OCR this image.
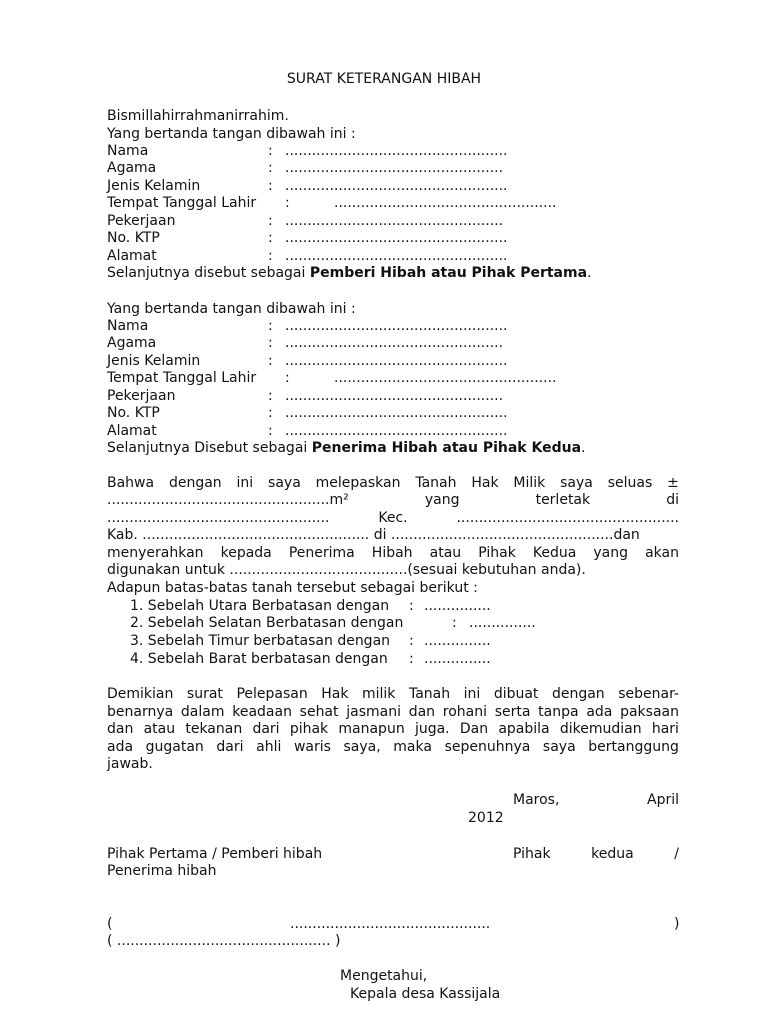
SURAT KETERANGAN HIBAH
Bismillahirrahmanirrahim.
Yang bertanda tangan dibawah ini :
Nama	: ..................................................
Agama	: .................................................
Jenis Kelamin	: ..................................................
Tempat Tanggal Lahir :	..................................................
Pekerjaan	: .................................................
No. KTP	: ..................................................
Alamat	: ..................................................
Selanjutnya disebut sebagai Pemberi Hibah atau Pihak Pertama.
Yang bertanda tangan dibawah ini :
Nama	: ..................................................
Agama	: .................................................
Jenis Kelamin	: ..................................................
Tempat Tanggal Lahir :	..................................................
Pekerjaan	: .................................................
No. KTP	: ..................................................
Alamat	: ..................................................
Selanjutnya Disebut sebagai Penerima Hibah atau Pihak Kedua.
Bahwa dengan ini saya melepaskan Tanah Hak Milik saya seluas ±
..................................................m²	yang	terletak	di
..................................................	Kec.	..................................................
Kab. ................................................... di ..................................................dan
menyerahkan kepada Penerima Hibah atau Pihak Kedua yang akan
digunakan untuk ........................................(sesuai kebutuhan anda).
Adapun batas-batas tanah tersebut sebagai berikut :
1. Sebelah Utara Berbatasan dengan : ...............
2. Sebelah Selatan Berbatasan dengan	: ...............
3. Sebelah Timur berbatasan dengan : ...............
4. Sebelah Barat berbatasan dengan : ...............
Demikian surat Pelepasan Hak milik Tanah ini dibuat dengan sebenar-
benarnya dalam keadaan sehat jasmani dan rohani serta tanpa ada paksaan
dan atau tekanan dari pihak manapun juga. Dan apabila dikemudian hari
ada gugatan dari ahli waris saya, maka sepenuhnya saya bertanggung
jawab.
Maros,	April
2012
Pihak Pertama / Pemberi hibah	Pihak	kedua	/
Penerima hibah
(	.............................................	)
( ................................................ )
Mengetahui,
Kepala desa Kassijala
